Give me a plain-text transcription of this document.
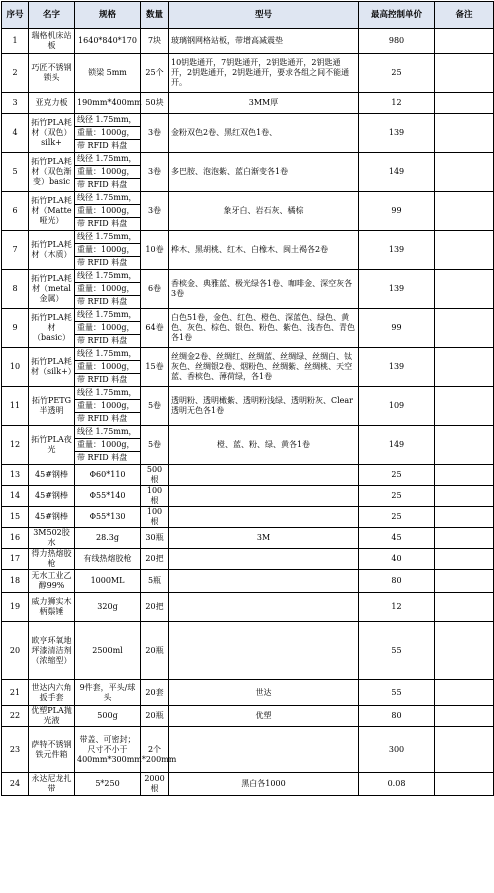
序号	名字	规格	数量	型号	最高控制单价	备注
1	瑞格机床站板	1640*840*170	7块	玻璃钢网格站板，带增高减震垫	980	
2	巧匠不锈钢锁头	锁梁 5mm	25个	10钥匙通开，7钥匙通开，2钥匙通开，2钥匙通开，2钥匙通开，2钥匙通开，要求各组之间不能通开。	25	
3	亚克力板	190mm*400mm	50块	3MM厚	12	
4	拓竹PLA耗材（双色）silk+	线径 1.75mm，
重量：1000g，
带 RFID 料盘	3卷	金粉双色2卷、黑红双色1卷、	139	
5	拓竹PLA耗材（双色渐变）basic	线径 1.75mm，
重量：1000g，
带 RFID 料盘	3卷	多巴胺、泡泡紫、蓝白渐变各1卷	149	
6	拓竹PLA耗材（Matte哑光）	线径 1.75mm，
重量：1000g，
带 RFID 料盘	3卷	象牙白、岩石灰、橘棕	99	
7	拓竹PLA耗材（木质）	线径 1.75mm，
重量：1000g，
带 RFID 料盘	10卷	桦木、黑胡桃、红木、白橡木、闽土褐各2卷	139	
8	拓竹PLA耗材（metal金属）	线径 1.75mm，
重量：1000g，
带 RFID 料盘	6卷	香槟金、典雅蓝、极光绿各1卷、咖啡金、深空灰各3卷	139	
9	拓竹PLA耗材（basic）	线径 1.75mm，
重量：1000g，
带 RFID 料盘	64卷	白色51卷，金色、红色、橙色、深蓝色、绿色、黄色、灰色、棕色、银色、粉色、紫色、浅杏色、青色各1卷	99	
10	拓竹PLA耗材（silk+）	线径 1.75mm，
重量：1000g，
带 RFID 料盘	15卷	丝绸金2卷、丝绸红、丝绸蓝、丝绸绿、丝绸白、钛灰色、丝绸银2卷、烟粉色、丝绸紫、丝绸桃、天空蓝、香槟色、薄荷绿，各1卷	139	
11	拓竹PETG半透明	线径 1.75mm，
重量：1000g，
带 RFID 料盘	5卷	透明粉、透明橄紫、透明粉浅绿、透明粉灰、Clear透明无色各1卷	109	
12	拓竹PLA夜光	线径 1.75mm，
重量：1000g，
带 RFID 料盘	5卷	橙、蓝、粉、绿、黄各1卷	149	
13	45#钢棒	Φ60*110	500根		25	
14	45#钢棒	Φ55*140	100根		25	
15	45#钢棒	Φ55*130	100根		25	
16	3M502胶水	28.3g	30瓶	3M	45	
17	得力热熔胶枪	有线热熔胶枪	20把		40	
18	无水工业乙醇99%	1000ML	5瓶		80	
19	威力狮实木柄鬃锤	320g	20把		12	
20	欧亨环氧地坪漆清洁剂（浓缩型）	2500ml	20瓶		55	
21	世达内六角扳手套	9件套，平头/球头	20套	世达	55	
22	优塑PLA抛光液	500g	20瓶	优塑	80	
23	萨特不锈钢铁元件箱	带盖、可密封；尺寸不小于400mm*300mm*200mm	2个		300	
24	永达尼龙扎带	5*250	2000根	黑白各1000	0.08	
